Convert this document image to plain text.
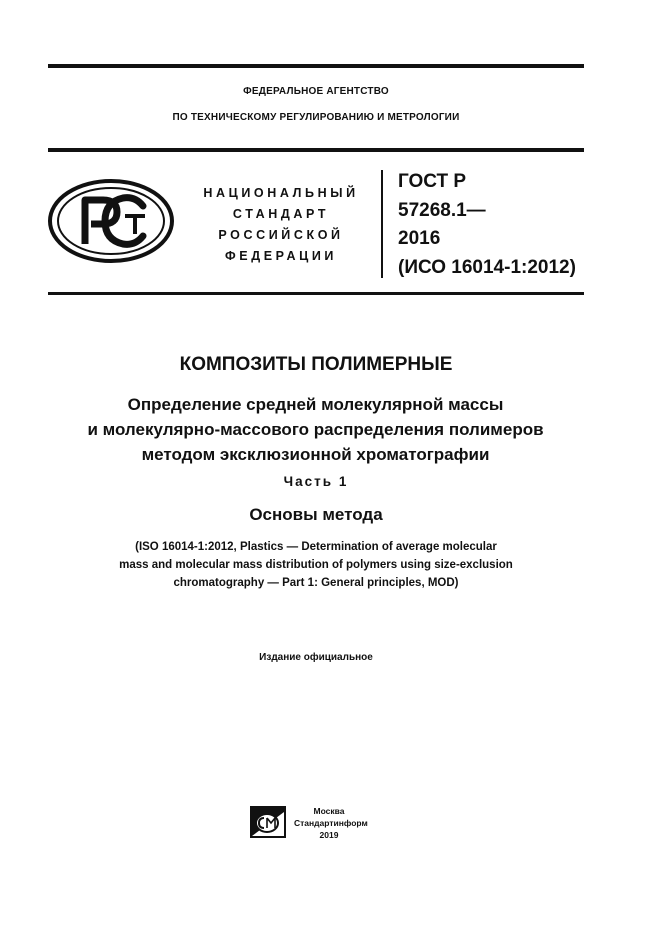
ФЕДЕРАЛЬНОЕ АГЕНТСТВО
ПО ТЕХНИЧЕСКОМУ РЕГУЛИРОВАНИЮ И МЕТРОЛОГИИ
НАЦИОНАЛЬНЫЙ
СТАНДАРТ
РОССИЙСКОЙ
ФЕДЕРАЦИИ
ГОСТ Р
57268.1—
2016
(ИСО 16014-1:2012)
КОМПОЗИТЫ ПОЛИМЕРНЫЕ
Определение средней молекулярной массы
и молекулярно-массового распределения полимеров
методом эксклюзионной хроматографии
Часть 1
Основы метода
(ISO 16014-1:2012, Plastics — Determination of average molecular
mass and molecular mass distribution of polymers using size-exclusion
chromatography — Part 1: General principles, MOD)
Издание официальное
Москва
Стандартинформ
2019
